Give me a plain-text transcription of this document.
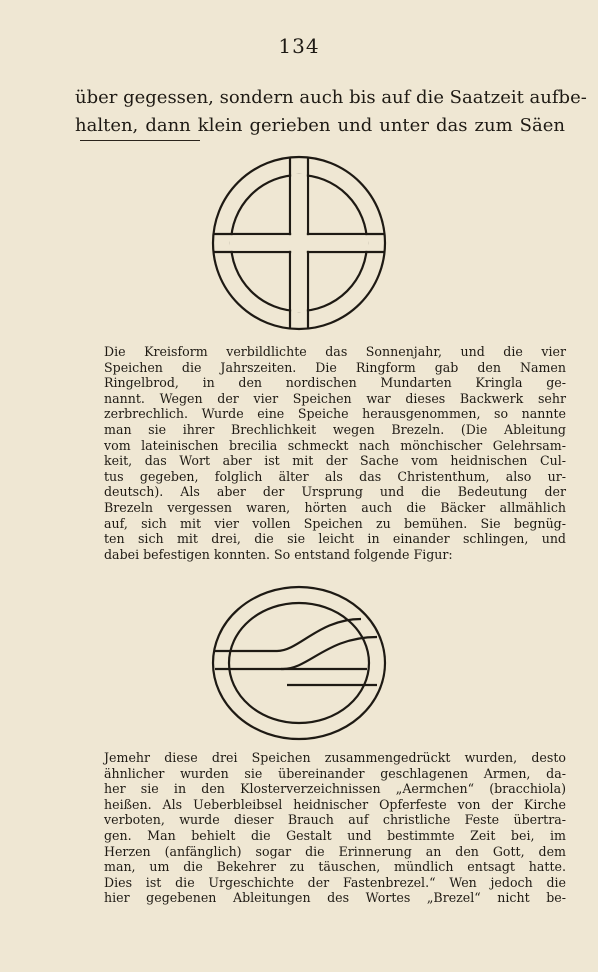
134
über gegessen, sondern auch bis auf die Saatzeit aufbe-
halten, dann klein gerieben und unter das zum Säen
Die Kreisform verbildlichte das Sonnenjahr, und die vier
Speichen die Jahrszeiten. Die Ringform gab den Namen
Ringelbrod, in den nordischen Mundarten Kringla ge-
nannt. Wegen der vier Speichen war dieses Backwerk sehr
zerbrechlich. Wurde eine Speiche herausgenommen, so nannte
man sie ihrer Brechlichkeit wegen Brezeln. (Die Ableitung
vom lateinischen brecilia schmeckt nach mönchischer Gelehrsam-
keit, das Wort aber ist mit der Sache vom heidnischen Cul-
tus gegeben, folglich älter als das Christenthum, also ur-
deutsch). Als aber der Ursprung und die Bedeutung der
Brezeln vergessen waren, hörten auch die Bäcker allmählich
auf, sich mit vier vollen Speichen zu bemühen. Sie begnüg-
ten sich mit drei, die sie leicht in einander schlingen, und
dabei befestigen konnten. So entstand folgende Figur:
Jemehr diese drei Speichen zusammengedrückt wurden, desto
ähnlicher wurden sie übereinander geschlagenen Armen, da-
her sie in den Klosterverzeichnissen „Aermchen“ (bracchiola)
heißen. Als Ueberbleibsel heidnischer Opferfeste von der Kirche
verboten, wurde dieser Brauch auf christliche Feste übertra-
gen. Man behielt die Gestalt und bestimmte Zeit bei, im
Herzen (anfänglich) sogar die Erinnerung an den Gott, dem
man, um die Bekehrer zu täuschen, mündlich entsagt hatte.
Dies ist die Urgeschichte der Fastenbrezel.“ Wen jedoch die
hier gegebenen Ableitungen des Wortes „Brezel“ nicht be-
